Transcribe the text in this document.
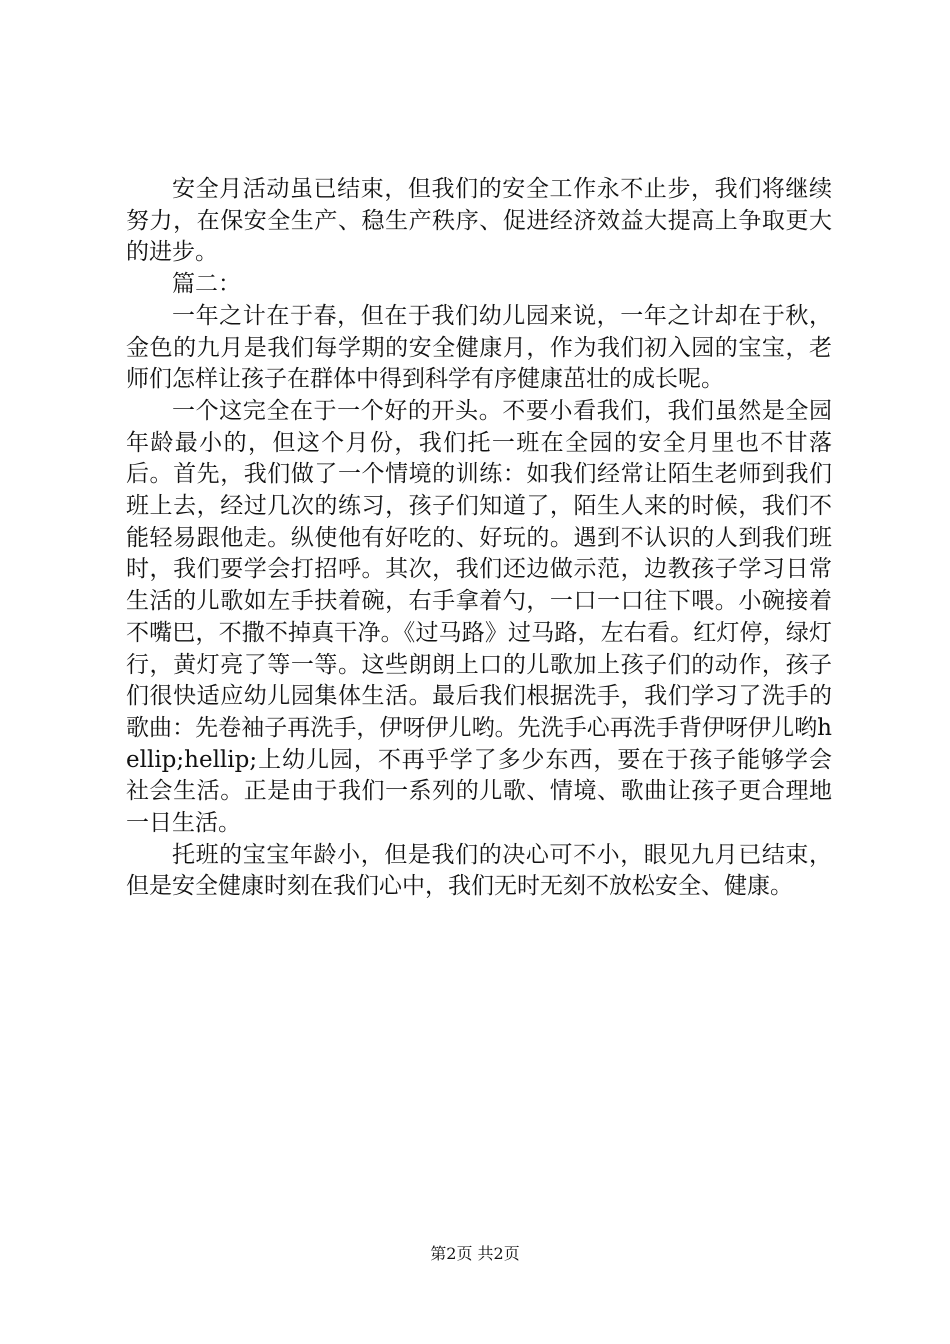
安全月活动虽已结束，但我们的安全工作永不止步，我们将继续努力，在保安全生产、稳生产秩序、促进经济效益大提高上争取更大的进步。

篇二：

一年之计在于春，但在于我们幼儿园来说，一年之计却在于秋，金色的九月是我们每学期的安全健康月，作为我们初入园的宝宝，老师们怎样让孩子在群体中得到科学有序健康茁壮的成长呢。

一个这完全在于一个好的开头。不要小看我们，我们虽然是全园年龄最小的，但这个月份，我们托一班在全园的安全月里也不甘落后。首先，我们做了一个情境的训练：如我们经常让陌生老师到我们班上去，经过几次的练习，孩子们知道了，陌生人来的时候，我们不能轻易跟他走。纵使他有好吃的、好玩的。遇到不认识的人到我们班时，我们要学会打招呼。其次，我们还边做示范，边教孩子学习日常生活的儿歌如左手扶着碗，右手拿着勺，一口一口往下喂。小碗接着不嘴巴，不撒不掉真干净。《过马路》过马路，左右看。红灯停，绿灯行，黄灯亮了等一等。这些朗朗上口的儿歌加上孩子们的动作，孩子们很快适应幼儿园集体生活。最后我们根据洗手，我们学习了洗手的歌曲：先卷袖子再洗手，伊呀伊儿哟。先洗手心再洗手背伊呀伊儿哟hellip;hellip;上幼儿园，不再乎学了多少东西，要在于孩子能够学会社会生活。正是由于我们一系列的儿歌、情境、歌曲让孩子更合理地一日生活。

托班的宝宝年龄小，但是我们的决心可不小，眼见九月已结束，但是安全健康时刻在我们心中，我们无时无刻不放松安全、健康。

第2页 共2页
